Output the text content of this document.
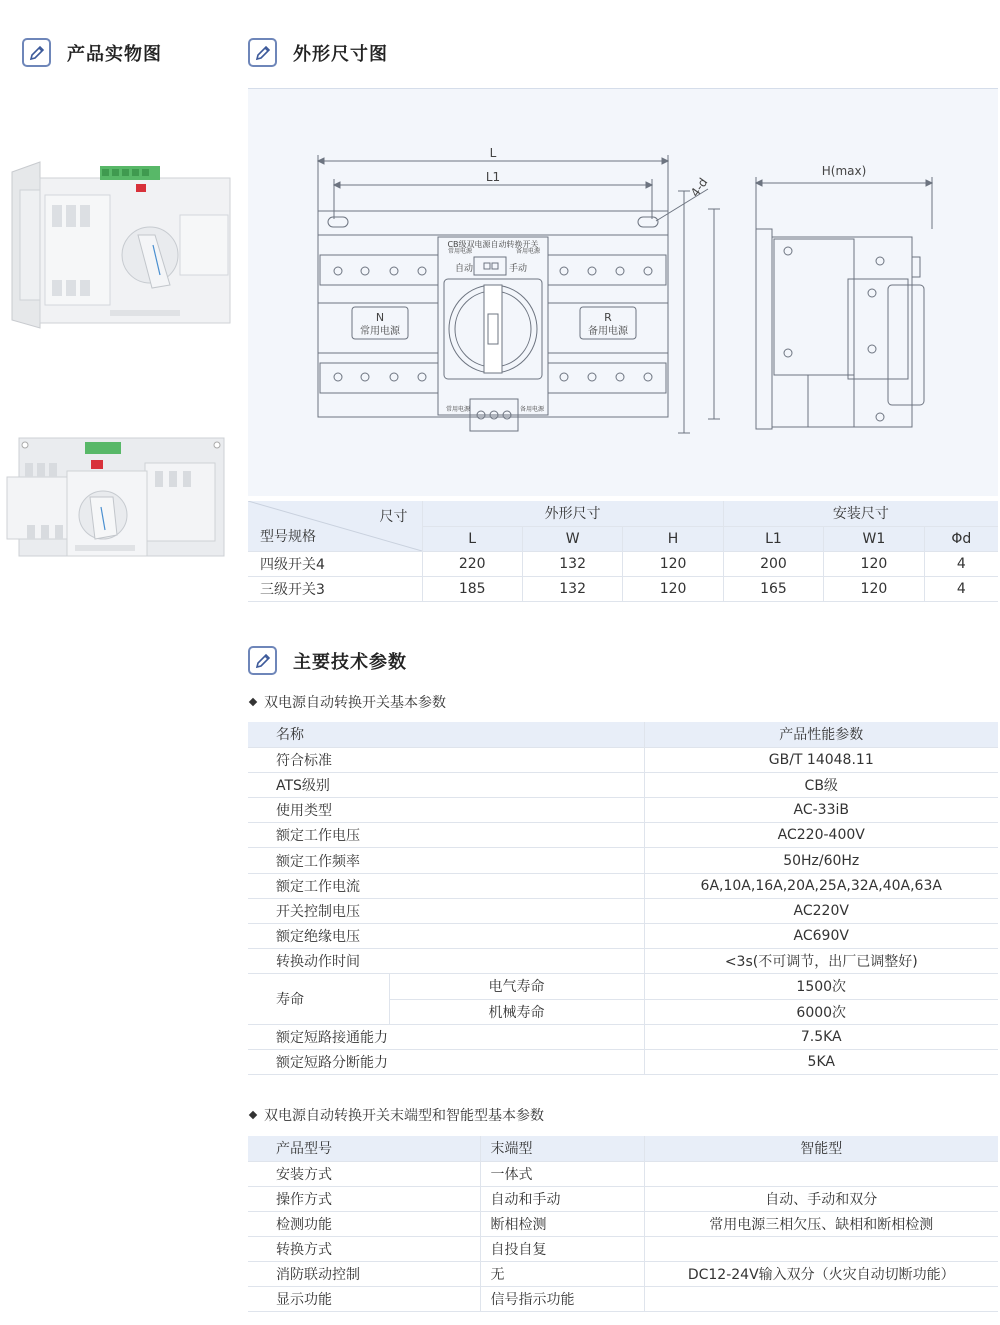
产品实物图	外形尺寸图
L
L1	4-d
H(max)
CB级双电源自动转换开关
常用电源	备用电源
自动	手动
N
常用电源
R
备用电源
常用电源	备用电源
尺寸
型号规格	外形尺寸			安装尺寸		
	L	W	H	L1	W1	Φd
四级开关4	220	132	120	200	120	4
三级开关3	185	132	120	165	120	4
主要技术参数
双电源自动转换开关基本参数
名称		产品性能参数
符合标准		GB/T 14048.11
ATS级别		CB级
使用类型		AC-33iB
额定工作电压		AC220-400V
额定工作频率		50Hz/60Hz
额定工作电流		6A,10A,16A,20A,25A,32A,40A,63A
开关控制电压		AC220V
额定绝缘电压		AC690V
转换动作时间		<3s(不可调节，出厂已调整好)
寿命	电气寿命	1500次
	机械寿命	6000次
额定短路接通能力		7.5KA
额定短路分断能力		5KA
双电源自动转换开关末端型和智能型基本参数
产品型号	末端型	智能型
安装方式	一体式	
操作方式	自动和手动	自动、手动和双分
检测功能	断相检测	常用电源三相欠压、缺相和断相检测
转换方式	自投自复	
消防联动控制	无	DC12-24V输入双分（火灾自动切断功能）
显示功能	信号指示功能	
